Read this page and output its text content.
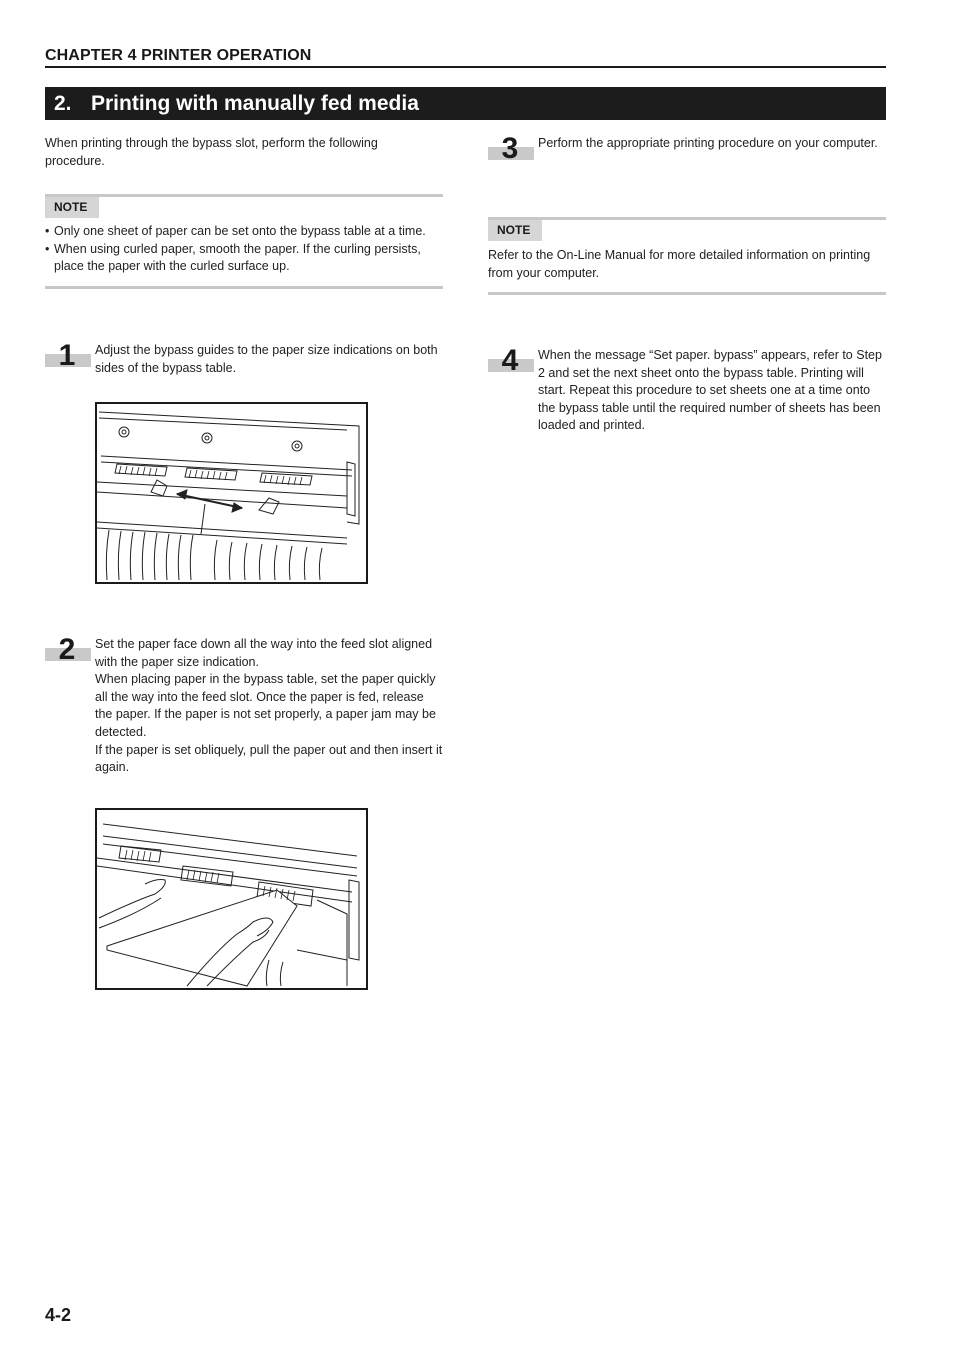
CHAPTER 4 PRINTER OPERATION
2. Printing with manually fed media
When printing through the bypass slot, perform the following procedure.
NOTE
• Only one sheet of paper can be set onto the bypass table at a time.
• When using curled paper, smooth the paper. If the curling persists, place the paper with the curled surface up.
1	Adjust the bypass guides to the paper size indications on both sides of the bypass table.
2	Set the paper face down all the way into the feed slot aligned with the paper size indication.
When placing paper in the bypass table, set the paper quickly all the way into the feed slot. Once the paper is fed, release the paper. If the paper is not set properly, a paper jam may be detected.
If the paper is set obliquely, pull the paper out and then insert it again.
3	Perform the appropriate printing procedure on your computer.
NOTE
Refer to the On-Line Manual for more detailed information on printing from your computer.
4	When the message “Set paper. bypass” appears, refer to Step 2 and set the next sheet onto the bypass table. Printing will start. Repeat this procedure to set sheets one at a time onto the bypass table until the required number of sheets has been loaded and printed.
4-2
